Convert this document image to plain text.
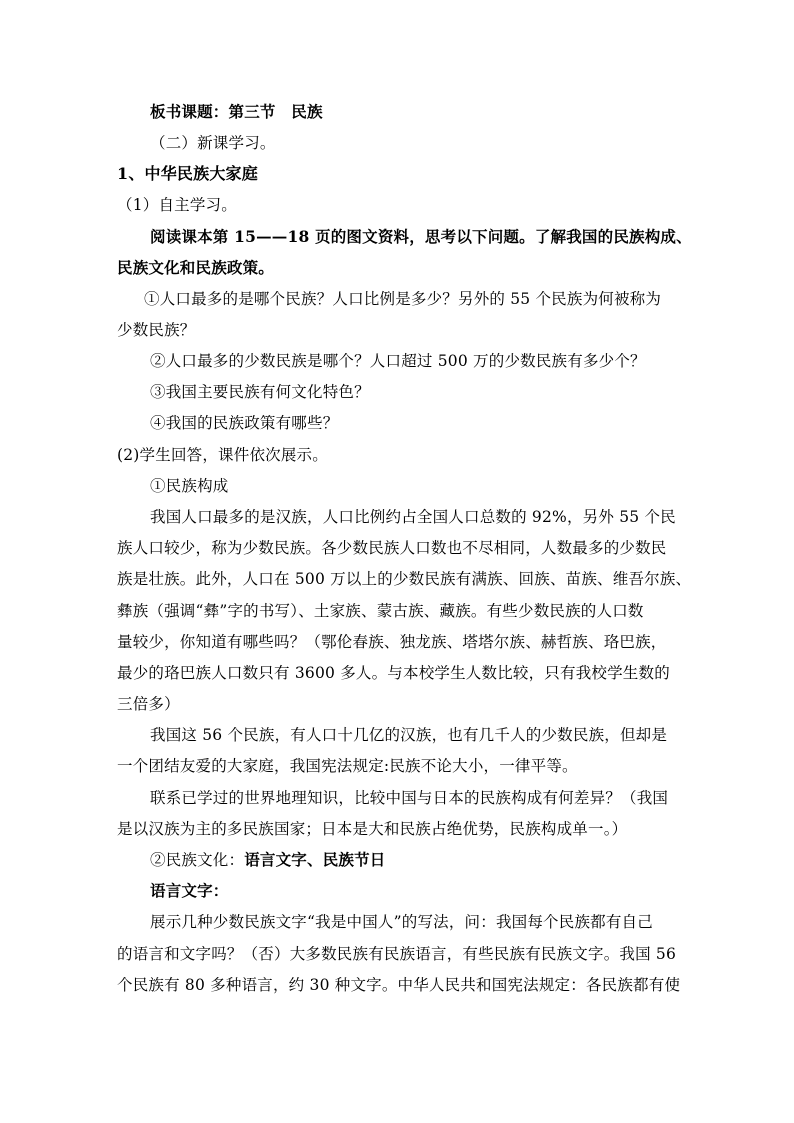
板书课题：第三节　民族
（二）新课学习。
1、中华民族大家庭
（1）自主学习。
阅读课本第 15——18 页的图文资料，思考以下问题。了解我国的民族构成、
民族文化和民族政策。
①人口最多的是哪个民族？人口比例是多少？另外的 55 个民族为何被称为
少数民族？
②人口最多的少数民族是哪个？人口超过 500 万的少数民族有多少个？
③我国主要民族有何文化特色？
④我国的民族政策有哪些？
(2)学生回答，课件依次展示。
①民族构成
我国人口最多的是汉族，人口比例约占全国人口总数的 92%，另外 55 个民
族人口较少，称为少数民族。各少数民族人口数也不尽相同，人数最多的少数民
族是壮族。此外，人口在 500 万以上的少数民族有满族、回族、苗族、维吾尔族、
彝族（强调“彝”字的书写）、土家族、蒙古族、藏族。有些少数民族的人口数
量较少，你知道有哪些吗？（鄂伦春族、独龙族、塔塔尔族、赫哲族、珞巴族，
最少的珞巴族人口数只有 3600 多人。与本校学生人数比较，只有我校学生数的
三倍多）
我国这 56 个民族，有人口十几亿的汉族，也有几千人的少数民族，但却是
一个团结友爱的大家庭，我国宪法规定:民族不论大小，一律平等。
联系已学过的世界地理知识，比较中国与日本的民族构成有何差异？（我国
是以汉族为主的多民族国家；日本是大和民族占绝优势，民族构成单一。）
②民族文化：语言文字、民族节日
语言文字：
展示几种少数民族文字“我是中国人”的写法，问：我国每个民族都有自己
的语言和文字吗？（否）大多数民族有民族语言，有些民族有民族文字。我国 56
个民族有 80 多种语言，约 30 种文字。中华人民共和国宪法规定：各民族都有使
